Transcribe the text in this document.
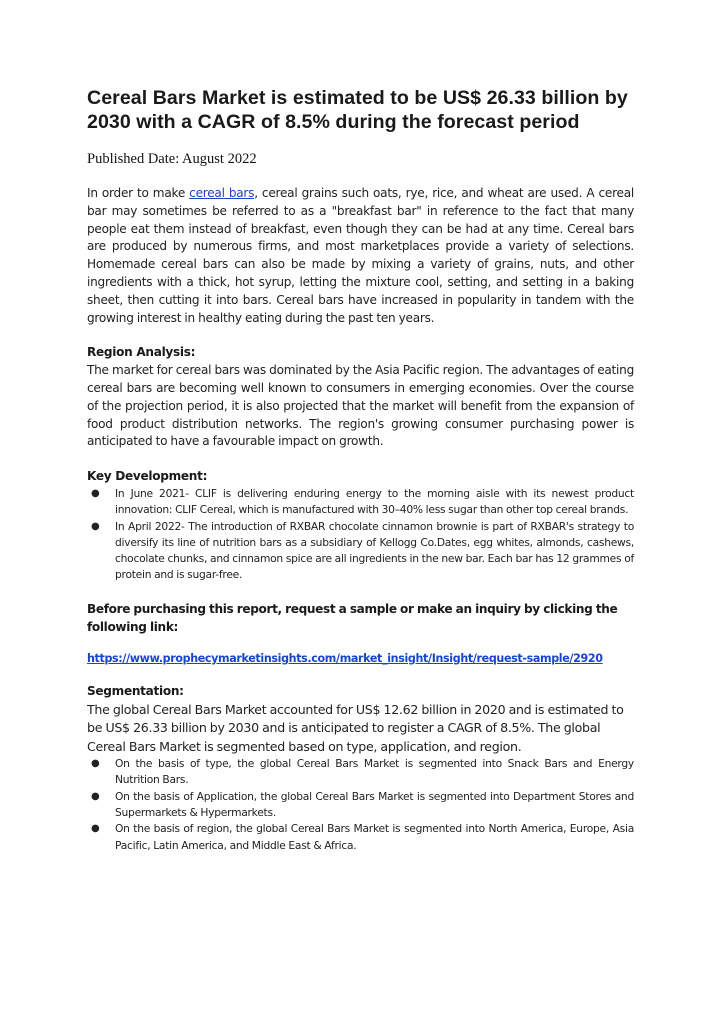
Cereal Bars Market is estimated to be US$ 26.33 billion by 2030 with a CAGR of 8.5% during the forecast period
Published Date: August 2022

In order to make cereal bars, cereal grains such oats, rye, rice, and wheat are used. A cereal bar may sometimes be referred to as a "breakfast bar" in reference to the fact that many people eat them instead of breakfast, even though they can be had at any time. Cereal bars are produced by numerous firms, and most marketplaces provide a variety of selections. Homemade cereal bars can also be made by mixing a variety of grains, nuts, and other ingredients with a thick, hot syrup, letting the mixture cool, setting, and setting in a baking sheet, then cutting it into bars. Cereal bars have increased in popularity in tandem with the growing interest in healthy eating during the past ten years.

Region Analysis:
The market for cereal bars was dominated by the Asia Pacific region. The advantages of eating cereal bars are becoming well known to consumers in emerging economies. Over the course of the projection period, it is also projected that the market will benefit from the expansion of food product distribution networks. The region's growing consumer purchasing power is anticipated to have a favourable impact on growth.
Key Development:
● In June 2021- CLIF is delivering enduring energy to the morning aisle with its newest product innovation: CLIF Cereal, which is manufactured with 30–40% less sugar than other top cereal brands.
● In April 2022- The introduction of RXBAR chocolate cinnamon brownie is part of RXBAR's strategy to diversify its line of nutrition bars as a subsidiary of Kellogg Co.Dates, egg whites, almonds, cashews, chocolate chunks, and cinnamon spice are all ingredients in the new bar. Each bar has 12 grammes of protein and is sugar-free.
Before purchasing this report, request a sample or make an inquiry by clicking the following link:
https://www.prophecymarketinsights.com/market_insight/Insight/request-sample/2920
Segmentation:
The global Cereal Bars Market accounted for US$ 12.62 billion in 2020 and is estimated to be US$ 26.33 billion by 2030 and is anticipated to register a CAGR of 8.5%. The global Cereal Bars Market is segmented based on type, application, and region.
● On the basis of type, the global Cereal Bars Market is segmented into Snack Bars and Energy Nutrition Bars.
● On the basis of Application, the global Cereal Bars Market is segmented into Department Stores and Supermarkets & Hypermarkets.
● On the basis of region, the global Cereal Bars Market is segmented into North America, Europe, Asia Pacific, Latin America, and Middle East & Africa.
